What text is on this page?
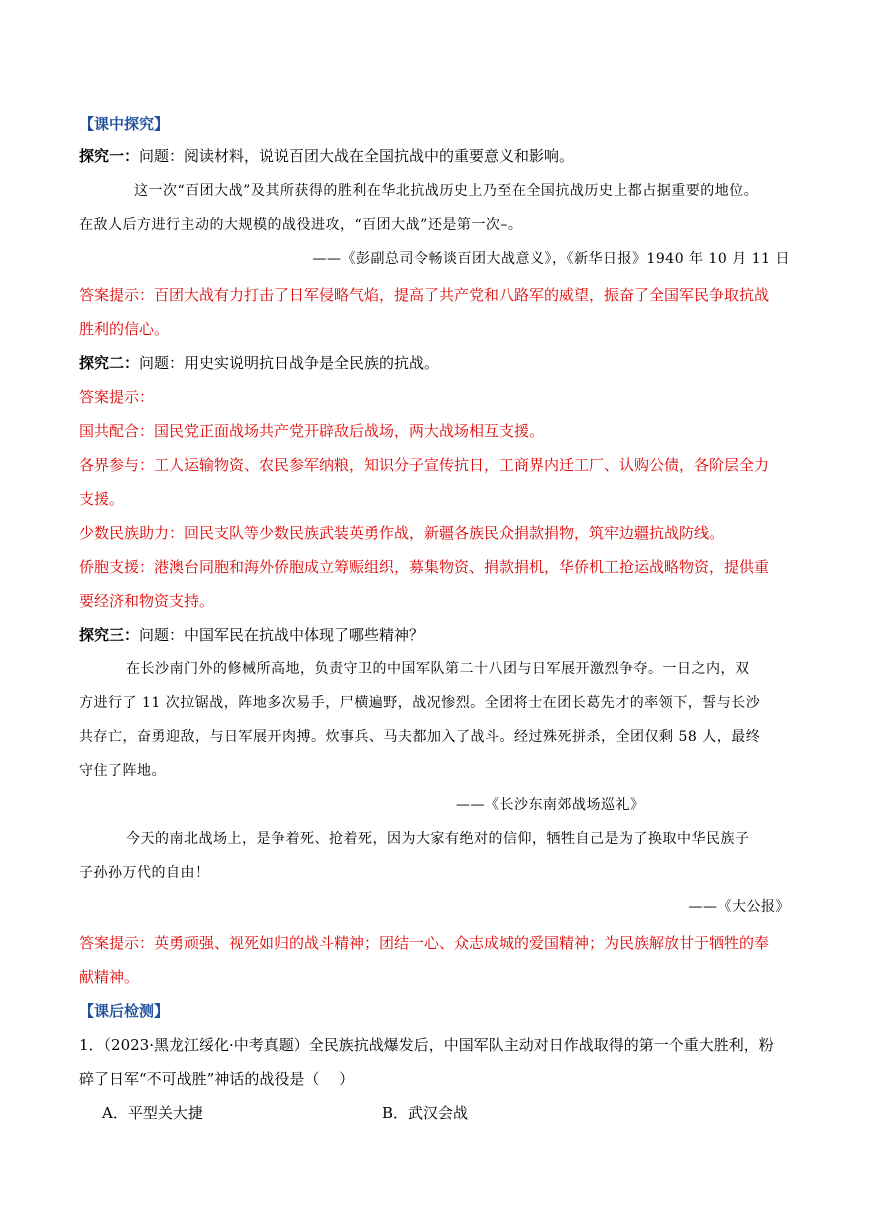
【课中探究】
探究一：问题：阅读材料，说说百团大战在全国抗战中的重要意义和影响。
这一次“百团大战”及其所获得的胜利在华北抗战历史上乃至在全国抗战历史上都占据重要的地位。
在敌人后方进行主动的大规模的战役进攻，“百团大战”还是第一次–。
——《彭副总司令畅谈百团大战意义》，《新华日报》1940 年 10 月 11 日
答案提示：百团大战有力打击了日军侵略气焰，提高了共产党和八路军的威望，振奋了全国军民争取抗战
胜利的信心。
探究二：问题：用史实说明抗日战争是全民族的抗战。
答案提示：
国共配合：国民党正面战场共产党开辟敌后战场，两大战场相互支援。
各界参与：工人运输物资、农民参军纳粮，知识分子宣传抗日，工商界内迁工厂、认购公债，各阶层全力
支援。
少数民族助力：回民支队等少数民族武装英勇作战，新疆各族民众捐款捐物，筑牢边疆抗战防线。
侨胞支援：港澳台同胞和海外侨胞成立筹赈组织，募集物资、捐款捐机，华侨机工抢运战略物资，提供重
要经济和物资支持。
探究三：问题：中国军民在抗战中体现了哪些精神？
在长沙南门外的修械所高地，负责守卫的中国军队第二十八团与日军展开激烈争夺。一日之内，双
方进行了 11 次拉锯战，阵地多次易手，尸横遍野，战况惨烈。全团将士在团长葛先才的率领下，誓与长沙
共存亡，奋勇迎敌，与日军展开肉搏。炊事兵、马夫都加入了战斗。经过殊死拼杀，全团仅剩 58 人，最终
守住了阵地。
——《长沙东南郊战场巡礼》
今天的南北战场上，是争着死、抢着死，因为大家有绝对的信仰，牺牲自己是为了换取中华民族子
子孙孙万代的自由！
——《大公报》
答案提示：英勇顽强、视死如归的战斗精神；团结一心、众志成城的爱国精神；为民族解放甘于牺牲的奉
献精神。
【课后检测】
1．（2023·黑龙江绥化·中考真题）全民族抗战爆发后，中国军队主动对日作战取得的第一个重大胜利，粉
碎了日军“不可战胜”神话的战役是（　 ）
A．平型关大捷	B．武汉会战
